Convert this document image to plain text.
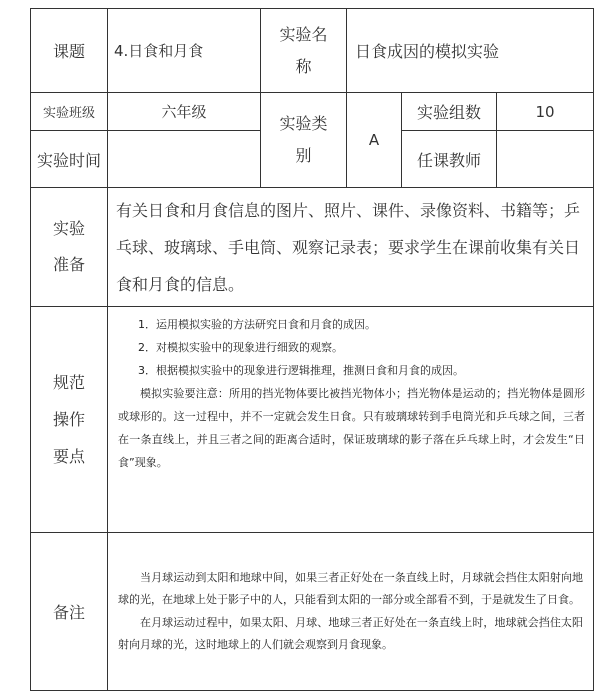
课题	4.日食和月食	实验名称	日食成因的模拟实验		
实验班级	六年级	实验类别	A	实验组数	10
实验时间				任课教师	
实验准备	有关日食和月食信息的图片、照片、课件、录像资料、书籍等；乒乓球、玻璃球、手电筒、观察记录表；要求学生在课前收集有关日食和月食的信息。				
规范操作要点	1．运用模拟实验的方法研究日食和月食的成因。
2．对模拟实验中的现象进行细致的观察。
3．根据模拟实验中的现象进行逻辑推理，推测日食和月食的成因。
模拟实验要注意：所用的挡光物体要比被挡光物体小；挡光物体是运动的；挡光物体是圆形或球形的。这一过程中，并不一定就会发生日食。只有玻璃球转到手电筒光和乒乓球之间，三者在一条直线上，并且三者之间的距离合适时，保证玻璃球的影子落在乒乓球上时，才会发生“日食”现象。				

备注	当月球运动到太阳和地球中间，如果三者正好处在一条直线上时，月球就会挡住太阳射向地球的光，在地球上处于影子中的人，只能看到太阳的一部分或全部看不到，于是就发生了日食。
在月球运动过程中，如果太阳、月球、地球三者正好处在一条直线上时，地球就会挡住太阳射向月球的光，这时地球上的人们就会观察到月食现象。				
